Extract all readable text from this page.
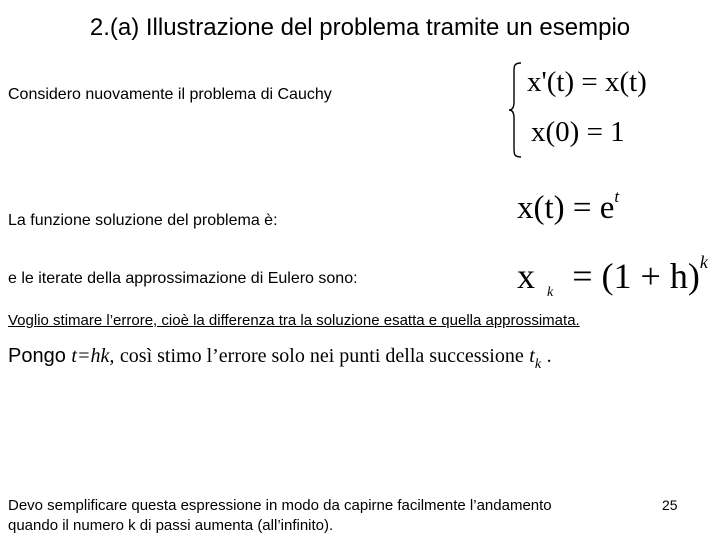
2.(a) Illustrazione del problema tramite un esempio
Considero nuovamente il problema di Cauchy	x'(t) = x(t)
x(0) = 1
La funzione soluzione del problema è:	$x(t) = e^t$
e le iterate della approssimazione di Eulero sono:	x $_k = (1 + h)^k$
Voglio stimare l’errore, cioè la differenza tra la soluzione esatta e quella approssimata.
Pongo t=hk, così stimo l’errore solo nei punti della successione $t_k$ .
Devo semplificare questa espressione in modo da capirne facilmente l’andamento quando il numero k di passi aumenta (all’infinito).
25
